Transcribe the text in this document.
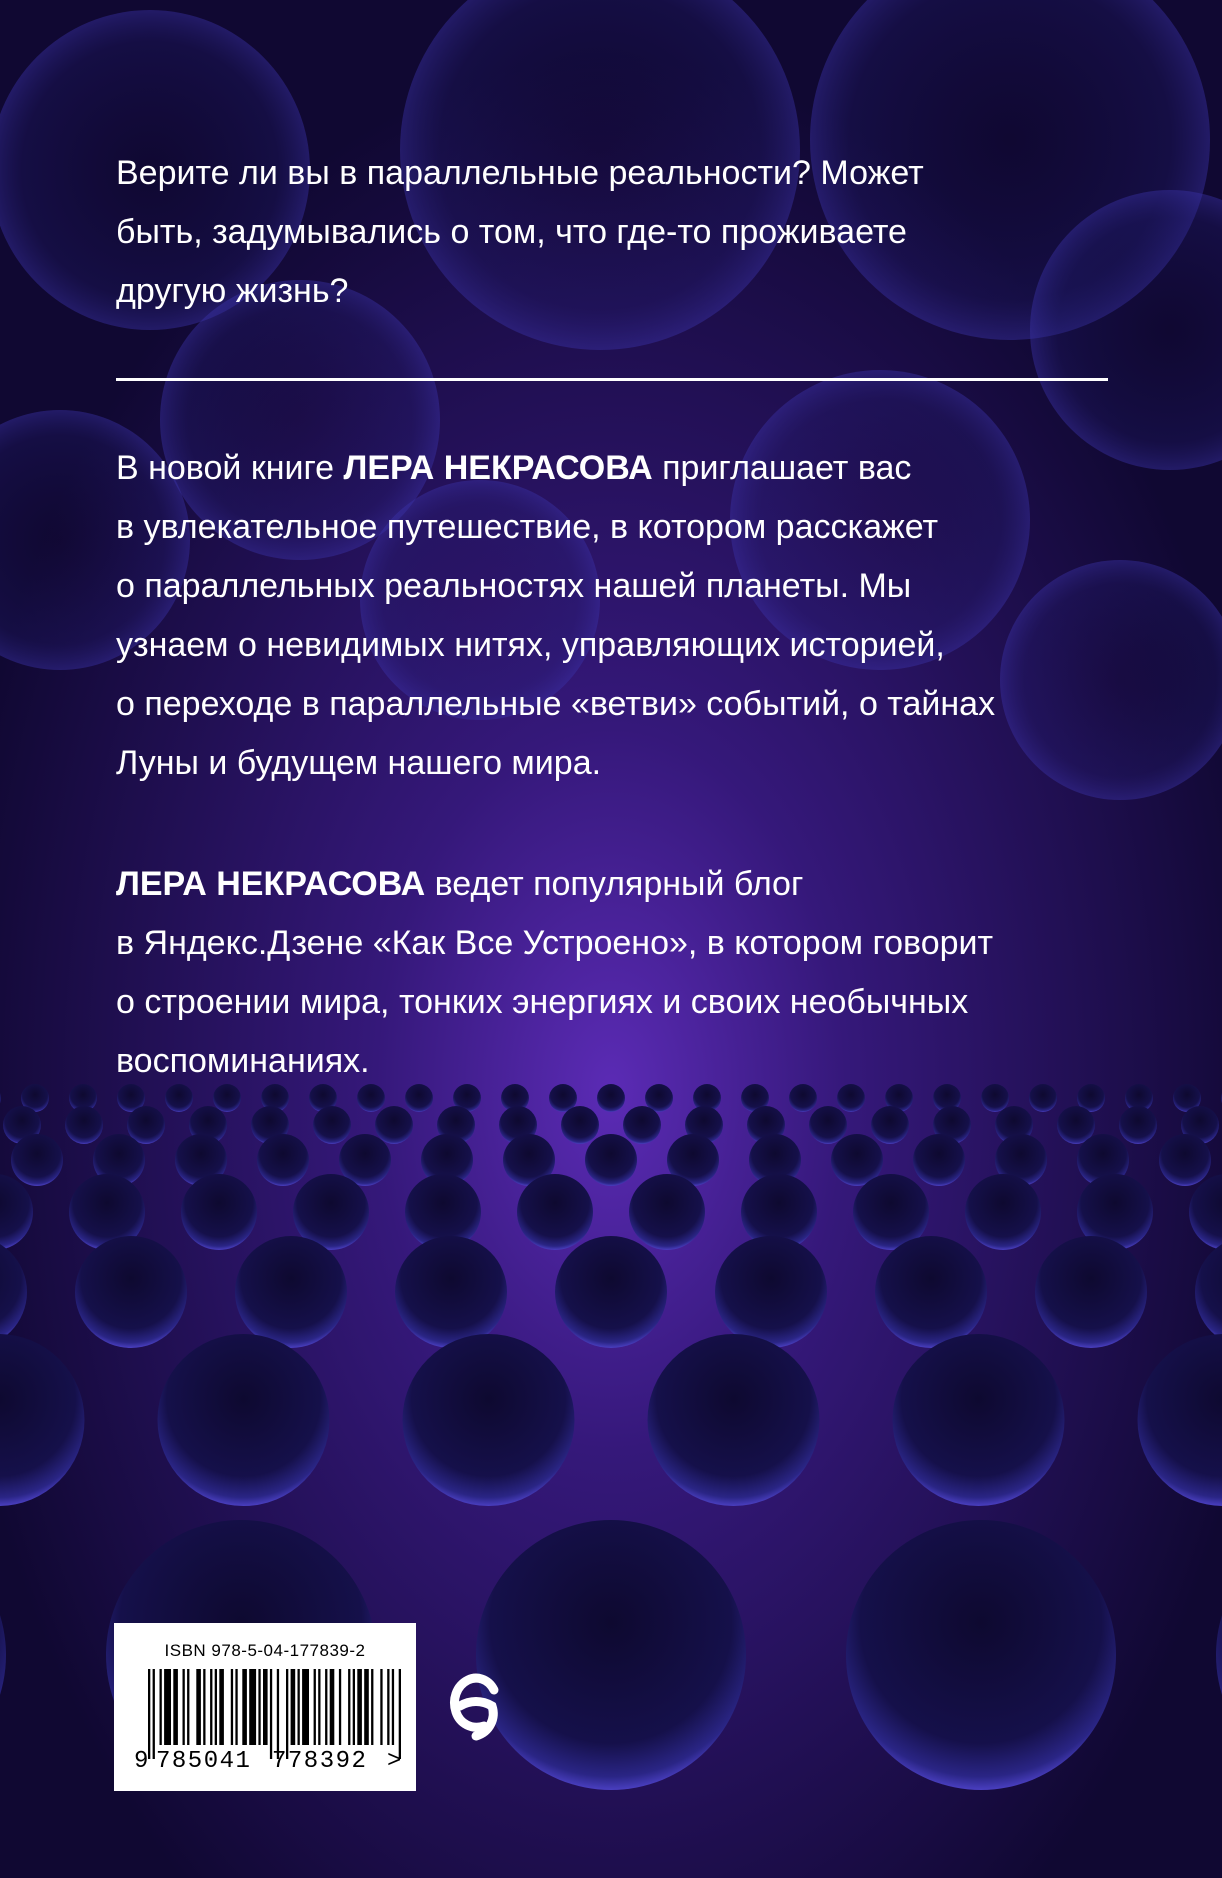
Верите ли вы в параллельные реальности? Может
быть, задумывались о том, что где-то проживаете
другую жизнь?
В новой книге ЛЕРА НЕКРАСОВА приглашает вас
в увлекательное путешествие, в котором расскажет
о параллельных реальностях нашей планеты. Мы
узнаем о невидимых нитях, управляющих историей,
о переходе в параллельные «ветви» событий, о тайнах
Луны и будущем нашего мира.
ЛЕРА НЕКРАСОВА ведет популярный блог
в Яндекс.Дзене «Как Все Устроено», в котором говорит
о строении мира, тонких энергиях и своих необычных
воспоминаниях.
ISBN 978-5-04-177839-2
9 785041 778392 >
